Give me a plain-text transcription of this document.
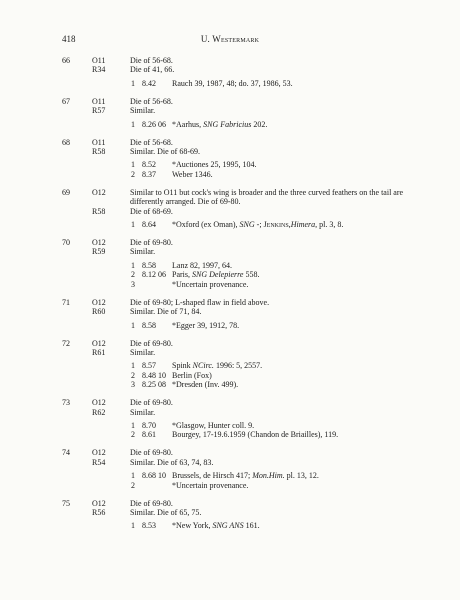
418	U. Westermark
66	O11	Die of 56-68.
R34	Die of 41, 66.
1 8.42 Rauch 39, 1987, 48; do. 37, 1986, 53.
67	O11	Die of 56-68.
R57	Similar.
1 8.26 06 *Aarhus, SNG Fabricius 202.
68	O11	Die of 56-68.
R58	Similar. Die of 68-69.
1 8.52 *Auctiones 25, 1995, 104.
2 8.37 Weber 1346.
69	O12	Similar to O11 but cock's wing is broader and the three curved feathers on the tail are differently arranged. Die of 69-80.
R58	Die of 68-69.
1 8.64 *Oxford (ex Oman), SNG -; Jenkins,Himera, pl. 3, 8.
70	O12	Die of 69-80.
R59	Similar.
1 8.58 Lanz 82, 1997, 64.
2 8.12 06 Paris, SNG Delepierre 558.
3	*Uncertain provenance.
71	O12	Die of 69-80; L-shaped flaw in field above.
R60	Similar. Die of 71, 84.
1 8.58 *Egger 39, 1912, 78.
72	O12	Die of 69-80.
R61	Similar.
1 8.57 Spink NCirc. 1996: 5, 2557.
2 8.48 10 Berlin (Fox)
3 8.25 08 *Dresden (Inv. 499).
73	O12	Die of 69-80.
R62	Similar.
1 8.70 *Glasgow, Hunter coll. 9.
2 8.61 Bourgey, 17-19.6.1959 (Chandon de Briailles), 119.
74	O12	Die of 69-80.
R54	Similar. Die of 63, 74, 83.
1 8.68 10 Brussels, de Hirsch 417; Mon.Him. pl. 13, 12.
2	*Uncertain provenance.
75	O12	Die of 69-80.
R56	Similar. Die of 65, 75.
1 8.53 *New York, SNG ANS 161.
